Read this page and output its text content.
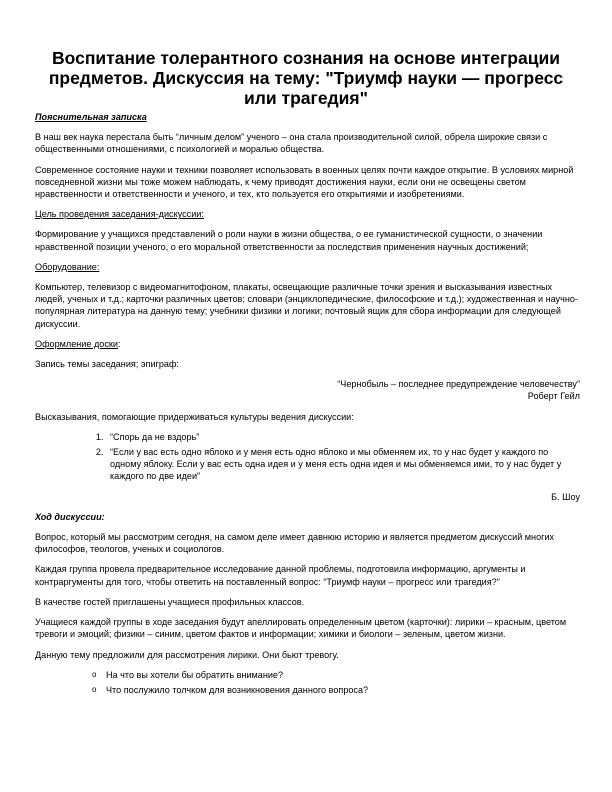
Воспитание толерантного сознания на основе интеграции предметов. Дискуссия на тему: "Триумф науки — прогресс или трагедия"

Пояснительная записка

В наш век наука перестала быть “личным делом” ученого – она стала производительной силой, обрела широкие связи с общественными отношениями, с психологией и моралью общества.

Современное состояние науки и техники позволяет использовать в военных целях почти каждое открытие. В условиях мирной повседневной жизни мы тоже можем наблюдать, к чему приводят достижения науки, если они не освещены светом нравственности и ответственности и ученого, и тех, кто пользуется его открытиями и изобретениями.

Цель проведения заседания-дискуссии:

Формирование у учащихся представлений о роли науки в жизни общества, о ее гуманистической сущности, о значении нравственной позиции ученого, о его моральной ответственности за последствия применения научных достижений;

Оборудование:

Компьютер, телевизор с видеомагнитофоном, плакаты, освещающие различные точки зрения и высказывания известных людей, ученых и т.д.; карточки различных цветов; словари (энциклопедические, философские и т.д.); художественная и научно-популярная литература на данную тему; учебники физики и логики; почтовый ящик для сбора информации для следующей дискуссии.

Оформление доски:

Запись темы заседания; эпиграф:

“Чернобыль – последнее предупреждение человечеству”

Роберт Гейл

Высказывания, помогающие придерживаться культуры ведения дискуссии:

1. “Спорь да не вздорь”
2. “Если у вас есть одно яблоко и у меня есть одно яблоко и мы обменяем их, то у нас будет у каждого по одному яблоку. Если у вас есть одна идея и у меня есть одна идея и мы обменяемся ими, то у нас будет у каждого по две идеи”

Б. Шоу

Ход дискуссии:

Вопрос, который мы рассмотрим сегодня, на самом деле имеет давнюю историю и является предметом дискуссий многих философов, теологов, ученых и социологов.

Каждая группа провела предварительное исследование данной проблемы, подготовила информацию, аргументы и контраргументы для того, чтобы ответить на поставленный вопрос: “Триумф науки – прогресс или трагедия?”

В качестве гостей приглашены учащиеся профильных классов.

Учащиеся каждой группы в ходе заседания будут апеллировать определенным цветом (карточки): лирики – красным, цветом тревоги и эмоций; физики – синим, цветом фактов и информации; химики и биологи – зеленым, цветом жизни.

Данную тему предложили для рассмотрения лирики. Они бьют тревогу.

o На что вы хотели бы обратить внимание?
o Что послужило толчком для возникновения данного вопроса?
